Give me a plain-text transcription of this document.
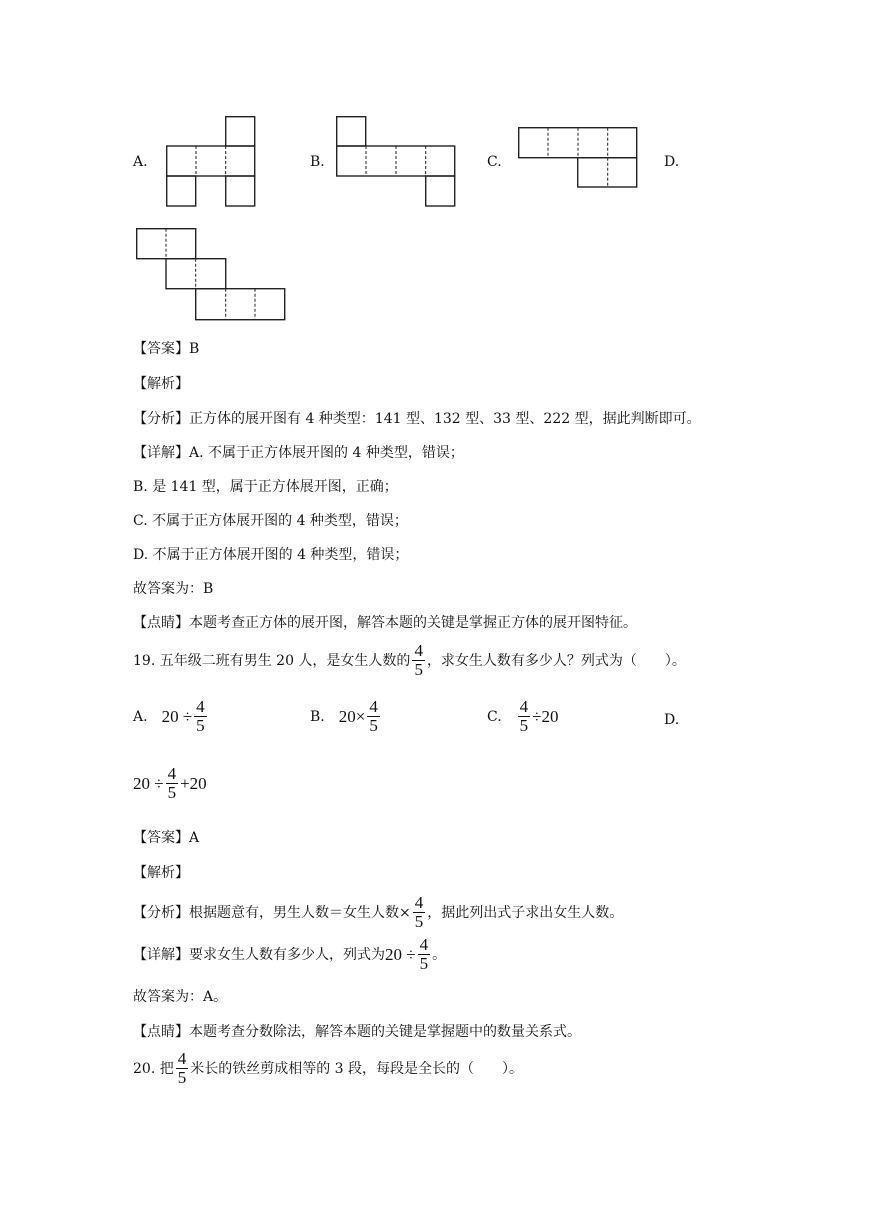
A.	B.	C.	D.
【答案】B
【解析】
【分析】正方体的展开图有 4 种类型：141 型、132 型、33 型、222 型，据此判断即可。
【详解】A. 不属于正方体展开图的 4 种类型，错误；
B. 是 141 型，属于正方体展开图，正确；
C. 不属于正方体展开图的 4 种类型，错误；
D. 不属于正方体展开图的 4 种类型，错误；
故答案为：B
【点睛】本题考查正方体的展开图，解答本题的关键是掌握正方体的展开图特征。
19. 五年级二班有男生 20 人，是女生人数的 $\frac{4}{5}$ ，求女生人数有多少人？列式为（　　）。
A. $20 \div \frac{4}{5}$	B. $20\times \frac{4}{5}$	C. $\frac{4}{5} \div 20$	D.
$20 \div \frac{4}{5} +20$
【答案】A
【解析】
【分析】根据题意有，男生人数＝女生人数× $\frac{4}{5}$ ，据此列出式子求出女生人数。
【详解】要求女生人数有多少人，列式为 $20 \div \frac{4}{5}$ 。
故答案为：A。
【点睛】本题考查分数除法，解答本题的关键是掌握题中的数量关系式。
20. 把 $\frac{4}{5}$ 米长的铁丝剪成相等的 3 段，每段是全长的（　　）。
